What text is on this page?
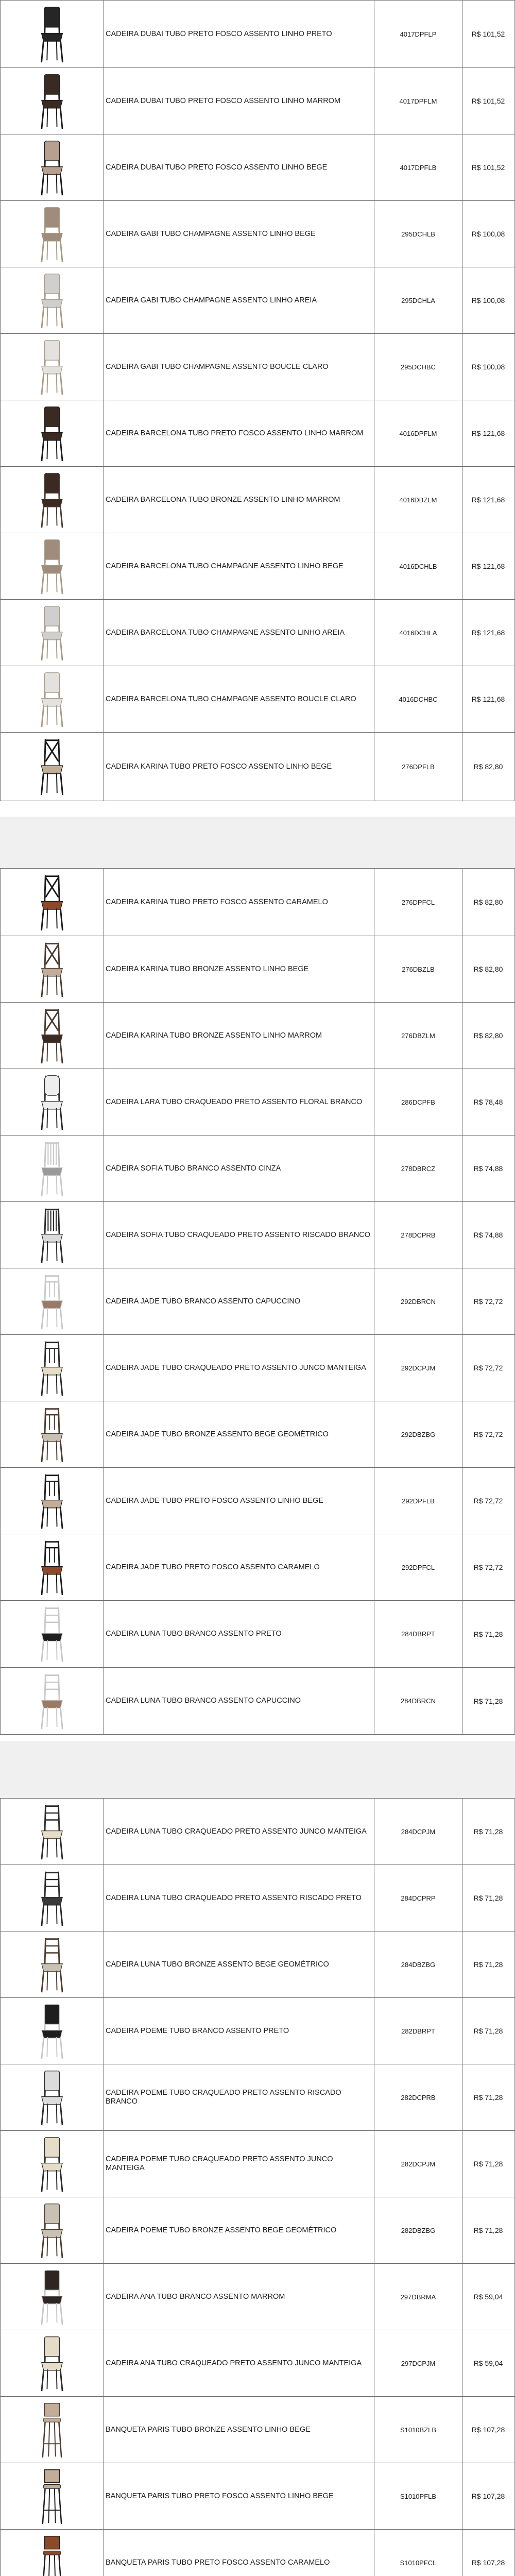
	CADEIRA DUBAI TUBO PRETO FOSCO ASSENTO LINHO PRETO	4017DPFLP	R$ 101,52	

	CADEIRA DUBAI TUBO PRETO FOSCO ASSENTO LINHO MARROM	4017DPFLM	R$ 101,52	

	CADEIRA DUBAI TUBO PRETO FOSCO ASSENTO LINHO BEGE	4017DPFLB	R$ 101,52	

	CADEIRA GABI TUBO CHAMPAGNE ASSENTO LINHO BEGE	295DCHLB	R$ 100,08	

	CADEIRA GABI TUBO CHAMPAGNE ASSENTO LINHO AREIA	295DCHLA	R$ 100,08	

	CADEIRA GABI TUBO CHAMPAGNE ASSENTO BOUCLE CLARO	295DCHBC	R$ 100,08	

	CADEIRA BARCELONA TUBO PRETO FOSCO ASSENTO LINHO MARROM	4016DPFLM	R$ 121,68	

	CADEIRA BARCELONA TUBO BRONZE ASSENTO LINHO MARROM	4016DBZLM	R$ 121,68	

	CADEIRA BARCELONA TUBO CHAMPAGNE ASSENTO LINHO BEGE	4016DCHLB	R$ 121,68	

	CADEIRA BARCELONA TUBO CHAMPAGNE ASSENTO LINHO AREIA	4016DCHLA	R$ 121,68	

	CADEIRA BARCELONA TUBO CHAMPAGNE ASSENTO BOUCLE CLARO	4016DCHBC	R$ 121,68	

	CADEIRA KARINA TUBO PRETO FOSCO ASSENTO LINHO BEGE	276DPFLB	R$ 82,80	
	CADEIRA KARINA TUBO PRETO FOSCO ASSENTO CARAMELO	276DPFCL	R$ 82,80	

	CADEIRA KARINA TUBO BRONZE ASSENTO LINHO BEGE	276DBZLB	R$ 82,80	

	CADEIRA KARINA TUBO BRONZE ASSENTO LINHO MARROM	276DBZLM	R$ 82,80	

	CADEIRA LARA TUBO CRAQUEADO PRETO ASSENTO FLORAL BRANCO	286DCPFB	R$ 78,48	

	CADEIRA SOFIA TUBO BRANCO ASSENTO CINZA	278DBRCZ	R$ 74,88	

	CADEIRA SOFIA TUBO CRAQUEADO PRETO ASSENTO RISCADO BRANCO	278DCPRB	R$ 74,88	

	CADEIRA JADE TUBO BRANCO ASSENTO CAPUCCINO	292DBRCN	R$ 72,72	

	CADEIRA JADE TUBO CRAQUEADO PRETO ASSENTO JUNCO MANTEIGA	292DCPJM	R$ 72,72	

	CADEIRA JADE TUBO BRONZE ASSENTO BEGE GEOMÉTRICO	292DBZBG	R$ 72,72	

	CADEIRA JADE TUBO PRETO FOSCO ASSENTO LINHO BEGE	292DPFLB	R$ 72,72	

	CADEIRA JADE TUBO PRETO FOSCO ASSENTO CARAMELO	292DPFCL	R$ 72,72	

	CADEIRA LUNA TUBO BRANCO ASSENTO PRETO	284DBRPT	R$ 71,28	

	CADEIRA LUNA TUBO BRANCO ASSENTO CAPUCCINO	284DBRCN	R$ 71,28	
	CADEIRA LUNA TUBO CRAQUEADO PRETO ASSENTO JUNCO MANTEIGA	284DCPJM	R$ 71,28	

	CADEIRA LUNA TUBO CRAQUEADO PRETO ASSENTO RISCADO PRETO	284DCPRP	R$ 71,28	

	CADEIRA LUNA TUBO BRONZE ASSENTO BEGE GEOMÉTRICO	284DBZBG	R$ 71,28	

	CADEIRA POEME TUBO BRANCO ASSENTO PRETO	282DBRPT	R$ 71,28	

	CADEIRA POEME TUBO CRAQUEADO PRETO ASSENTO RISCADO BRANCO	282DCPRB	R$ 71,28	

	CADEIRA POEME TUBO CRAQUEADO PRETO ASSENTO JUNCO MANTEIGA	282DCPJM	R$ 71,28	

	CADEIRA POEME TUBO BRONZE ASSENTO BEGE GEOMÉTRICO	282DBZBG	R$ 71,28	

	CADEIRA ANA TUBO BRANCO ASSENTO MARROM	297DBRMA	R$ 59,04	

	CADEIRA ANA TUBO CRAQUEADO PRETO ASSENTO JUNCO MANTEIGA	297DCPJM	R$ 59,04	

	BANQUETA PARIS TUBO BRONZE ASSENTO LINHO BEGE	S1010BZLB	R$ 107,28	

	BANQUETA PARIS TUBO PRETO FOSCO ASSENTO LINHO BEGE	S1010PFLB	R$ 107,28	

	BANQUETA PARIS TUBO PRETO FOSCO ASSENTO CARAMELO	S1010PFCL	R$ 107,28	
